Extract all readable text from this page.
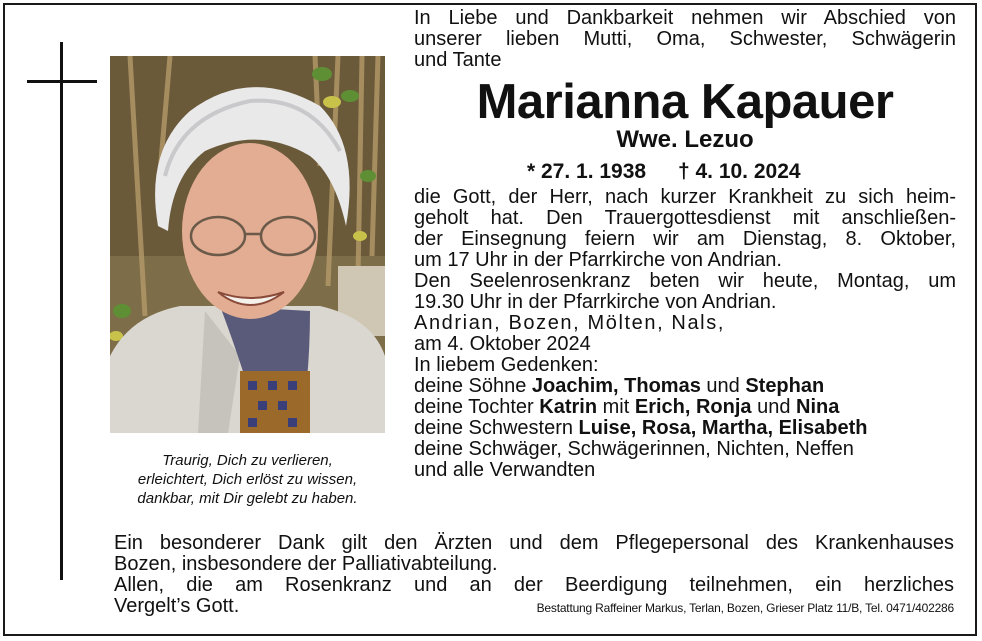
Traurig, Dich zu verlieren,
erleichtert, Dich erlöst zu wissen,
dankbar, mit Dir gelebt zu haben.
In Liebe und Dankbarkeit nehmen wir Abschied von
unserer lieben Mutti, Oma, Schwester, Schwägerin
und Tante
Marianna Kapauer
Wwe. Lezuo
* 27. 1. 1938 † 4. 10. 2024
die Gott, der Herr, nach kurzer Krankheit zu sich heim-
geholt hat. Den Trauergottesdienst mit anschließen-
der Einsegnung feiern wir am Dienstag, 8. Oktober,
um 17 Uhr in der Pfarrkirche von Andrian.
Den Seelenrosenkranz beten wir heute, Montag, um
19.30 Uhr in der Pfarrkirche von Andrian.
Andrian, Bozen, Mölten, Nals,
am 4. Oktober 2024
In liebem Gedenken:
deine Söhne Joachim, Thomas und Stephan
deine Tochter Katrin mit Erich, Ronja und Nina
deine Schwestern Luise, Rosa, Martha, Elisabeth
deine Schwäger, Schwägerinnen, Nichten, Neffen
und alle Verwandten
Ein besonderer Dank gilt den Ärzten und dem Pflegepersonal des Krankenhauses
Bozen, insbesondere der Palliativabteilung.
Allen, die am Rosenkranz und an der Beerdigung teilnehmen, ein herzliches
Vergelt’s Gott.	Bestattung Raffeiner Markus, Terlan, Bozen, Grieser Platz 11/B, Tel. 0471/402286
